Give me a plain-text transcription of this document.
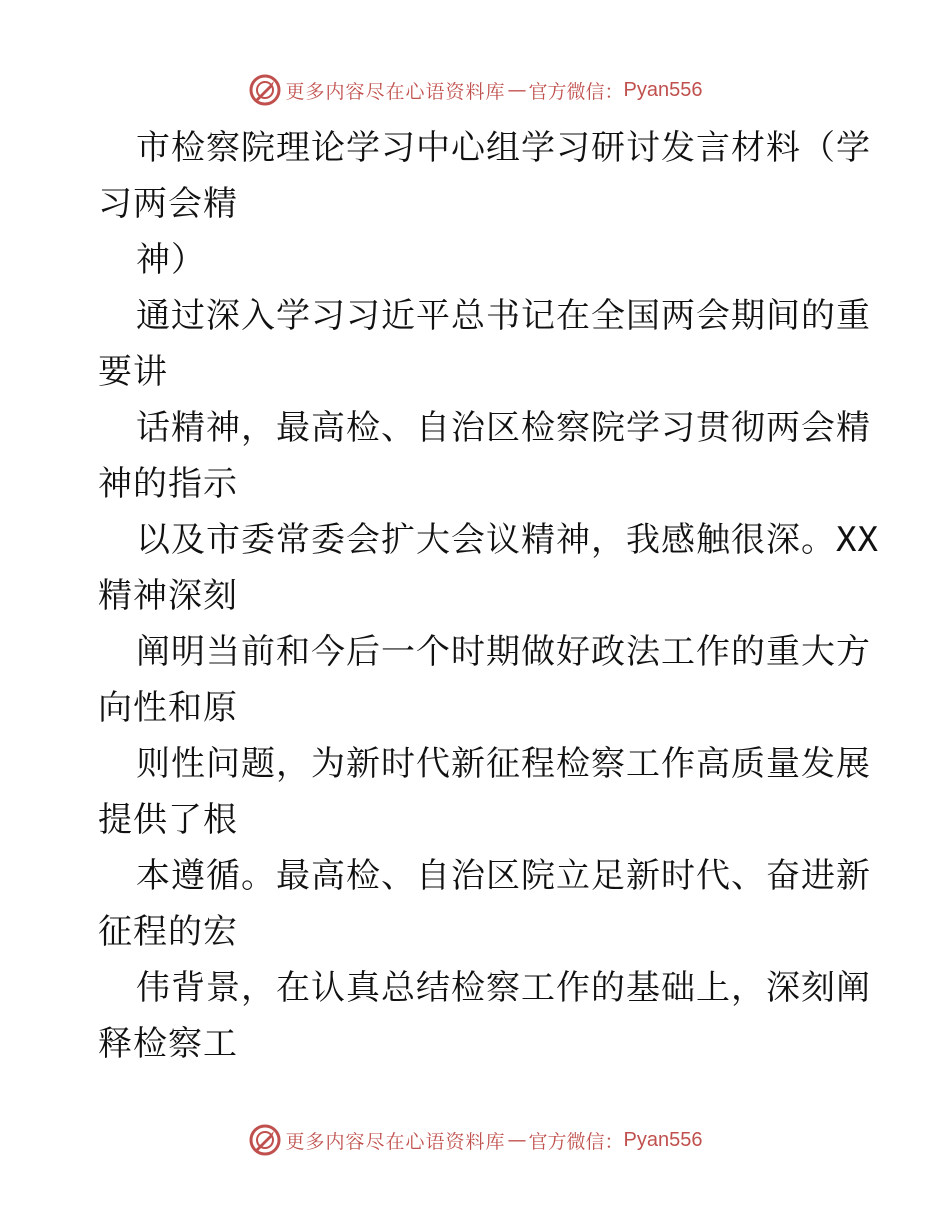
更多内容尽在心语资料库 — 官方微信： Pyan556
市检察院理论学习中心组学习研讨发言材料（学
习两会精
神）
通过深入学习习近平总书记在全国两会期间的重
要讲
话精神，最高检、自治区检察院学习贯彻两会精
神的指示
以及市委常委会扩大会议精神，我感触很深。XX
精神深刻
阐明当前和今后一个时期做好政法工作的重大方
向性和原
则性问题，为新时代新征程检察工作高质量发展
提供了根
本遵循。最高检、自治区院立足新时代、奋进新
征程的宏
伟背景，在认真总结检察工作的基础上，深刻阐
释检察工
更多内容尽在心语资料库 — 官方微信： Pyan556
